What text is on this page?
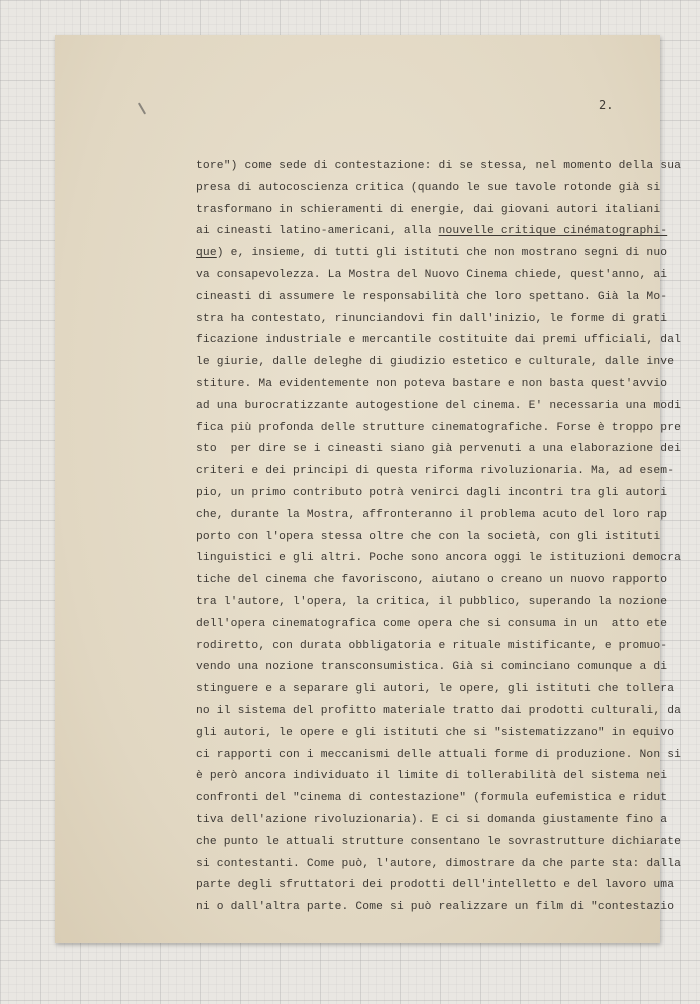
2.

tore") come sede di contestazione: di se stessa, nel momento della sua
presa di autocoscienza critica (quando le sue tavole rotonde già si
trasformano in schieramenti di energie, dai giovani autori italiani
ai cineasti latino-americani, alla nouvelle critique cinématographi-
que) e, insieme, di tutti gli istituti che non mostrano segni di nuo
va consapevolezza. La Mostra del Nuovo Cinema chiede, quest'anno, ai
cineasti di assumere le responsabilità che loro spettano. Già la Mo-
stra ha contestato, rinunciandovi fin dall'inizio, le forme di grati
ficazione industriale e mercantile costituite dai premi ufficiali, dal
le giurie, dalle deleghe di giudizio estetico e culturale, dalle inve
stiture. Ma evidentemente non poteva bastare e non basta quest'avvio
ad una burocratizzante autogestione del cinema. E' necessaria una modi
fica più profonda delle strutture cinematografiche. Forse è troppo pre
sto  per dire se i cineasti siano già pervenuti a una elaborazione dei
criteri e dei principi di questa riforma rivoluzionaria. Ma, ad esem-
pio, un primo contributo potrà venirci dagli incontri tra gli autori
che, durante la Mostra, affronteranno il problema acuto del loro rap
porto con l'opera stessa oltre che con la società, con gli istituti
linguistici e gli altri. Poche sono ancora oggi le istituzioni democra
tiche del cinema che favoriscono, aiutano o creano un nuovo rapporto
tra l'autore, l'opera, la critica, il pubblico, superando la nozione
dell'opera cinematografica come opera che si consuma in un  atto ete
rodiretto, con durata obbligatoria e rituale mistificante, e promuo-
vendo una nozione transconsumistica. Già si cominciano comunque a di
stinguere e a separare gli autori, le opere, gli istituti che tollera
no il sistema del profitto materiale tratto dai prodotti culturali, da
gli autori, le opere e gli istituti che si "sistematizzano" in equivo
ci rapporti con i meccanismi delle attuali forme di produzione. Non si
è però ancora individuato il limite di tollerabilità del sistema nei
confronti del "cinema di contestazione" (formula eufemistica e ridut
tiva dell'azione rivoluzionaria). E ci si domanda giustamente fino a
che punto le attuali strutture consentano le sovrastrutture dichiarate
si contestanti. Come può, l'autore, dimostrare da che parte sta: dalla
parte degli sfruttatori dei prodotti dell'intelletto e del lavoro uma
ni o dall'altra parte. Come si può realizzare un film di "contestazio
